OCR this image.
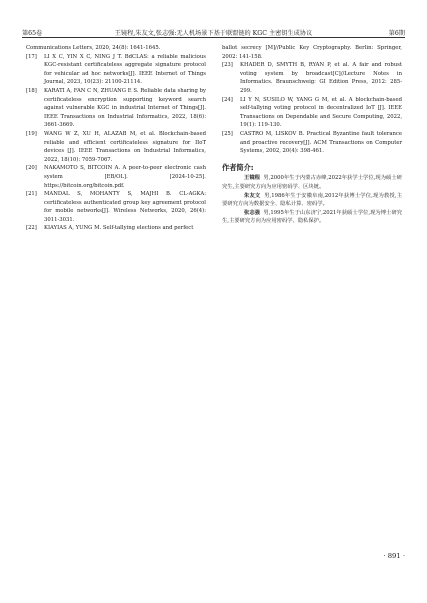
第65卷	王镜程,朱友文,张志强:无人机场景下基于联盟链的 KGC 主密钥生成协议	第6期
Communications Letters, 2020, 24(8): 1641-1645.
[17] LI X C, YIN X C, NING J T. BdCLAS: a reliable malicious KGC-resistant certificateless aggregate signature protocol for vehicular ad hoc networks[J]. IEEE Internet of Things Journal, 2023, 10(23): 21100-21114.
[18] KARATI A, FAN C N, ZHUANG E S. Reliable data sharing by certificateless encryption supporting keyword search against vulnerable KGC in industrial Internet of Things[J]. IEEE Transactions on Industrial Informatics, 2022, 18(6): 3661-3669.
[19] WANG W Z, XU H, ALAZAB M, et al. Blockchain-based reliable and efficient certificateless signature for IIoT devices [J]. IEEE Transactions on Industrial Informatics, 2022, 18(10): 7059-7067.
[20] NAKAMOTO S, BITCOIN A. A peer-to-peer electronic cash system [EB/OL]. [2024-10-25]. https://bitcoin.org/bitcoin.pdf.
[21] MANDAL S, MOHANTY S, MAJHI B. CL-AGKA: certificateless authenticated group key agreement protocol for mobile networks[J]. Wireless Networks, 2020, 26(4): 3011-3031.
[22] KIAYIAS A, YUNG M. Self-tallying elections and perfect
ballot secrecy [M]//Public Key Cryptography. Berlin: Springer, 2002: 141-158.
[23] KHADER D, SMYTH B, RYAN P, et al. A fair and robust voting system by broadcast[C]//Lecture Notes in Informatics. Braunschweig: GI Edition Press, 2012: 285-299.
[24] LI Y N, SUSILO W, YANG G M, et al. A blockchain-based self-tallying voting protocol in decentralized IoT [J]. IEEE Transactions on Dependable and Secure Computing, 2022, 19(1): 119-130.
[25] CASTRO M, LISKOV B. Practical Byzantine fault tolerance and proactive recovery[J]. ACM Transactions on Computer Systems, 2002, 20(4): 398-461.
作者简介:
王镜程 男,2000年生于内蒙古赤峰,2022年获学士学位,现为硕士研究生,主要研究方向为应用密码学、区块链。
朱友文 男,1986年生于安徽阜南,2012年获博士学位,现为教授,主要研究方向为数据安全、隐私计算、密码学。
张志强 男,1995年生于山东济宁,2021年获硕士学位,现为博士研究生,主要研究方向为应用密码学、隐私保护。
· 891 ·
